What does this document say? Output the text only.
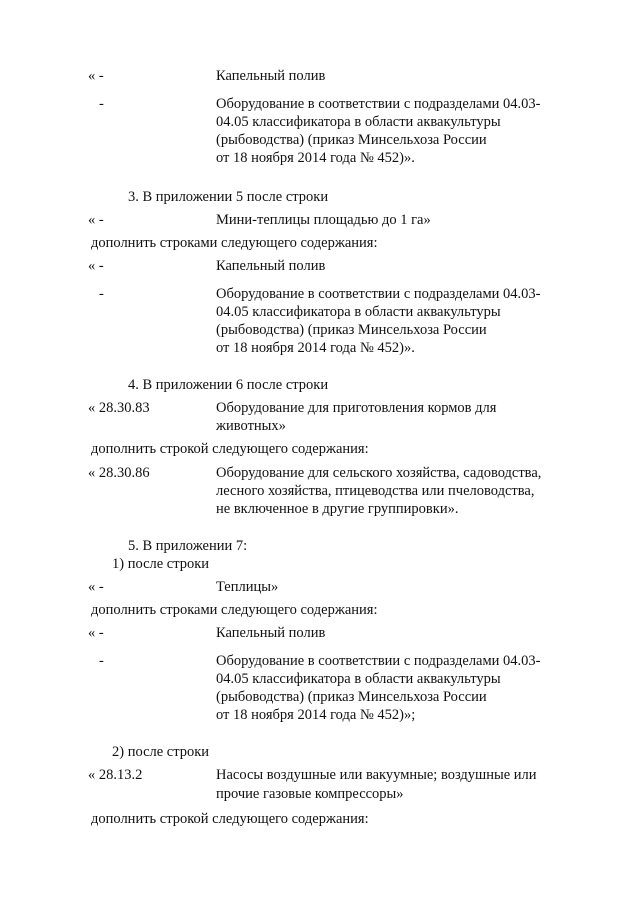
« -	Капельный полив
-	Оборудование в соответствии с подразделами 04.03-
04.05 классификатора в области аквакультуры
(рыбоводства) (приказ Минсельхоза России
от 18 ноября 2014 года № 452)».
3. В приложении 5 после строки
« -	Мини-теплицы площадью до 1 га»
дополнить строками следующего содержания:
« -	Капельный полив
-	Оборудование в соответствии с подразделами 04.03-
04.05 классификатора в области аквакультуры
(рыбоводства) (приказ Минсельхоза России
от 18 ноября 2014 года № 452)».
4. В приложении 6 после строки
« 28.30.83	Оборудование для приготовления кормов для
животных»
дополнить строкой следующего содержания:
« 28.30.86	Оборудование для сельского хозяйства, садоводства,
лесного хозяйства, птицеводства или пчеловодства,
не включенное в другие группировки».
5. В приложении 7:
1) после строки
« -	Теплицы»
дополнить строками следующего содержания:
« -	Капельный полив
-	Оборудование в соответствии с подразделами 04.03-
04.05 классификатора в области аквакультуры
(рыбоводства) (приказ Минсельхоза России
от 18 ноября 2014 года № 452)»;
2) после строки
« 28.13.2	Насосы воздушные или вакуумные; воздушные или
прочие газовые компрессоры»
дополнить строкой следующего содержания:
